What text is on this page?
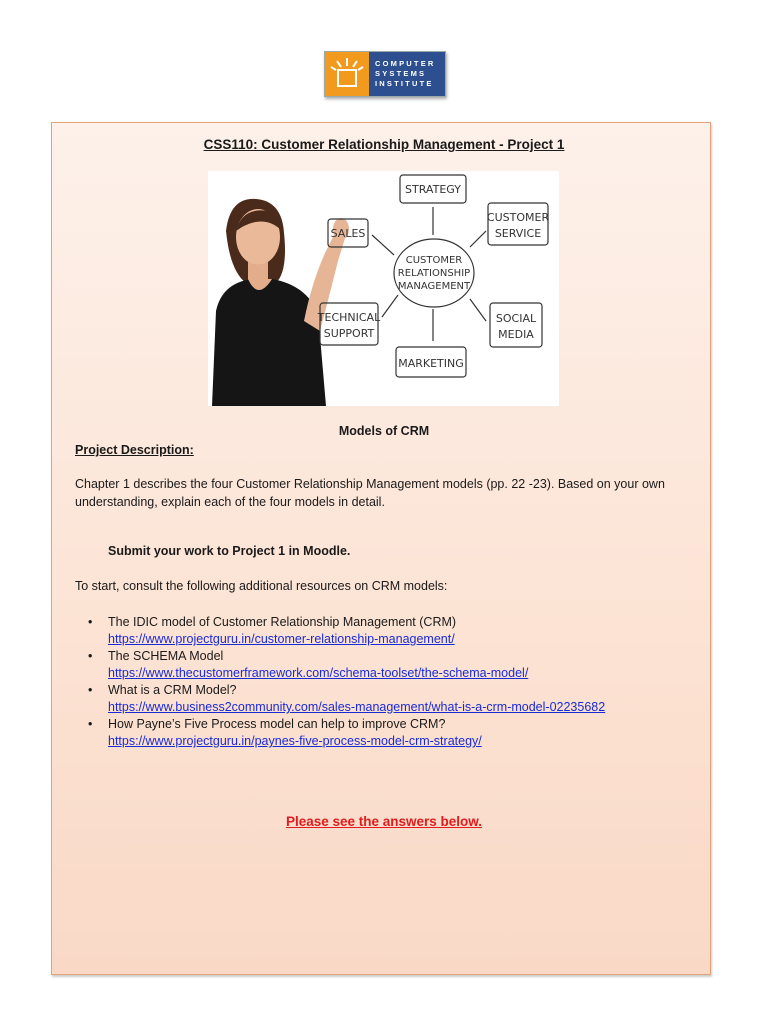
COMPUTER
SYSTEMS
INSTITUTE
CSS110: Customer Relationship Management - Project 1
STRATEGY
SALES
CUSTOMER
SERVICE
CUSTOMER
RELATIONSHIP
MANAGEMENT
TECHNICAL
SUPPORT
SOCIAL
MEDIA
MARKETING
Models of CRM
Project Description:
Chapter 1 describes the four Customer Relationship Management models (pp. 22 -23). Based on your own understanding, explain each of the four models in detail.
Submit your work to Project 1 in Moodle.
To start, consult the following additional resources on CRM models:
•	The IDIC model of Customer Relationship Management (CRM)
https://www.projectguru.in/customer-relationship-management/
•	The SCHEMA Model
https://www.thecustomerframework.com/schema-toolset/the-schema-model/
•	What is a CRM Model?
https://www.business2community.com/sales-management/what-is-a-crm-model-02235682
•	How Payne’s Five Process model can help to improve CRM?
https://www.projectguru.in/paynes-five-process-model-crm-strategy/
Please see the answers below.
